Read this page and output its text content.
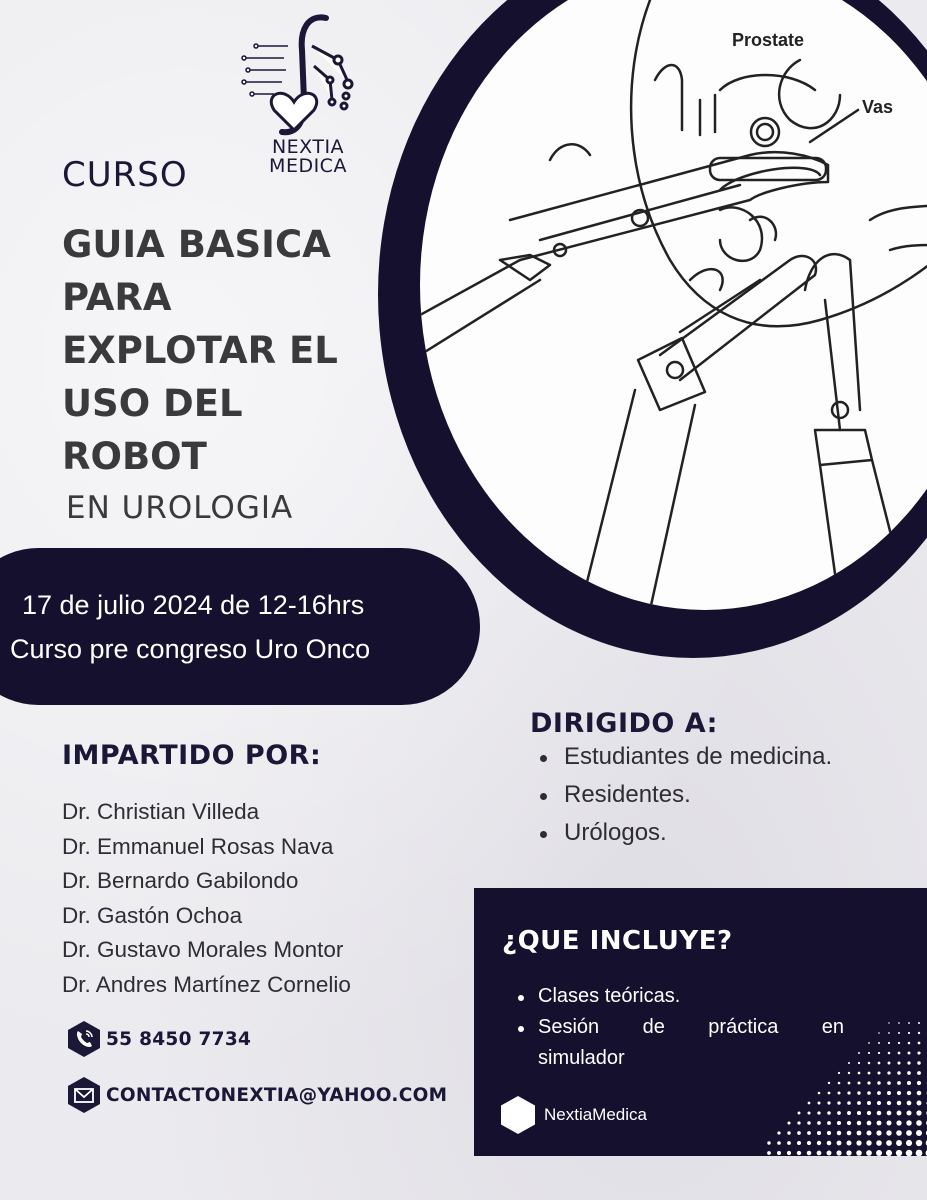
NEXTIA
MEDICA
CURSO
GUIA BASICA
PARA
EXPLOTAR EL
USO DEL
ROBOT
EN UROLOGIA
Prostate
Vas
17 de julio 2024 de 12-16hrs
Curso pre congreso Uro Onco
IMPARTIDO POR:
Dr. Christian Villeda
Dr. Emmanuel Rosas Nava
Dr. Bernardo Gabilondo
Dr. Gastón Ochoa
Dr. Gustavo Morales Montor
Dr. Andres Martínez Cornelio
55 8450 7734
CONTACTONEXTIA@YAHOO.COM
DIRIGIDO A:
Estudiantes de medicina.
Residentes.
Urólogos.
¿QUE INCLUYE?
Clases teóricas.
Sesión de práctica en
simulador
NextiaMedica
